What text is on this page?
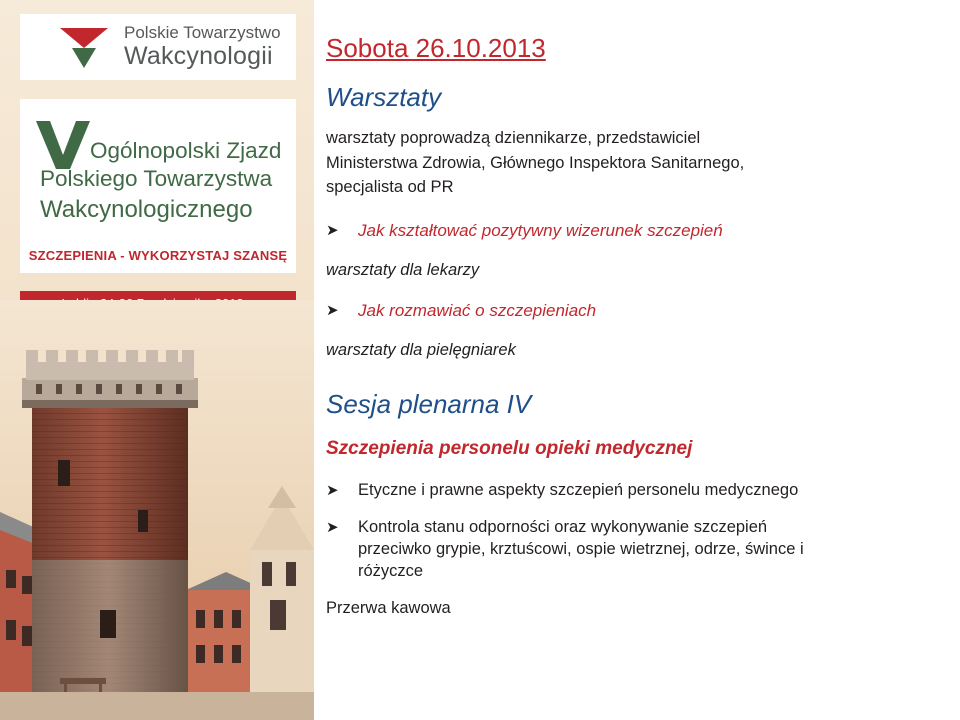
Polskie Towarzystwo
Wakcynologii
Ogólnopolski Zjazd
Polskiego Towarzystwa
Wakcynologicznego
SZCZEPIENIA - WYKORZYSTAJ SZANSĘ
Sobota 26.10.2013
Warsztaty
warsztaty poprowadzą dziennikarze, przedstawiciel
Ministerstwa Zdrowia, Głównego Inspektora Sanitarnego,
specjalista od PR
➤ Jak kształtować pozytywny wizerunek szczepień
warsztaty dla lekarzy
➤ Jak rozmawiać o szczepieniach
warsztaty dla pielęgniarek
Sesja plenarna IV
Szczepienia personelu opieki medycznej
➤ Etyczne i prawne aspekty szczepień personelu medycznego
➤ Kontrola stanu odporności oraz wykonywanie szczepień
przeciwko grypie, krztuścowi, ospie wietrznej, odrze, śwince i
różyczce
Przerwa kawowa
